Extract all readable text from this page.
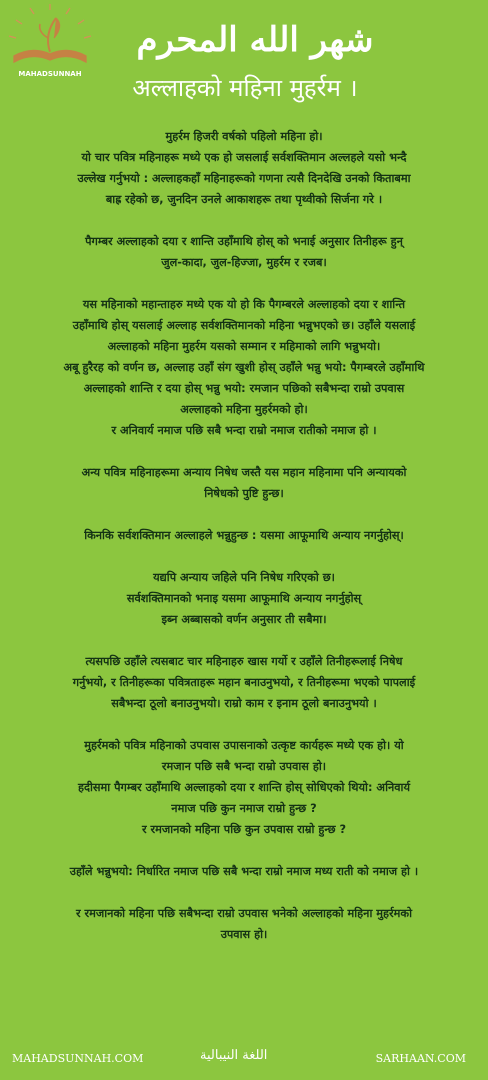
MAHADSUNNAH
شهر الله المحرم
अल्लाहको महिना मुहर्रम ।
मुहर्रम हिजरी वर्षको पहिलो महिना हो।
यो चार पवित्र महिनाहरू मध्ये एक हो जसलाई सर्वशक्तिमान अल्लहले यसो भन्दै
उल्लेख गर्नुभयो : अल्लाहकहाँ महिनाहरूको गणना त्यसै दिनदेखि उनको किताबमा
बाह्र रहेको छ, जुनदिन उनले आकाशहरू तथा पृथ्वीको सिर्जना गरे ।
पैगम्बर अल्लाहको दया र शान्ति उहाँमाथि होस् को भनाई अनुसार तिनीहरू हुन्
जुल-कादा, जुल-हिज्जा, मुहर्रम र रजब।
यस महिनाको महान्ताहरु मध्ये एक यो हो कि पैगम्बरले अल्लाहको दया र शान्ति
उहाँमाथि होस् यसलाई अल्लाह सर्वशक्तिमानको महिना भन्नुभएको छ। उहाँले यसलाई
अल्लाहको महिना मुहर्रम यसको सम्मान र महिमाको लागि भन्नुभयो।
अबू हुरैरह को वर्णन छ, अल्लाह उहाँ संग खुशी होस् उहाँले भन्नु भयो: पैगम्बरले उहाँमाथि
अल्लाहको शान्ति र दया होस् भन्नु भयो: रमजान पछिको सबैभन्दा राम्रो उपवास
अल्लाहको महिना मुहर्रमको हो।
र अनिवार्य नमाज पछि सबै भन्दा राम्रो नमाज रातीको नमाज हो ।
अन्य पवित्र महिनाहरूमा अन्याय निषेध जस्तै यस महान महिनामा पनि अन्यायको
निषेधको पुष्टि हुन्छ।
किनकि सर्वशक्तिमान अल्लाहले भन्नुहुन्छ : यसमा आफूमाथि अन्याय नगर्नुहोस्।
यद्यपि अन्याय जहिले पनि निषेध गरिएको छ।
सर्वशक्तिमानको भनाइ यसमा आफूमाथि अन्याय नगर्नुहोस्
इब्न अब्बासको वर्णन अनुसार ती सबैमा।
त्यसपछि उहाँले त्यसबाट चार महिनाहरु खास गर्यो र उहाँले तिनीहरूलाई निषेध
गर्नुभयो, र तिनीहरूका पवित्रताहरू महान बनाउनुभयो, र तिनीहरूमा भएको पापलाई
सबैभन्दा ठूलो बनाउनुभयो। राम्रो काम र इनाम ठूलो बनाउनुभयो ।
मुहर्रमको पवित्र महिनाको उपवास उपासनाको उत्कृष्ट कार्यहरू मध्ये एक हो। यो
रमजान पछि सबै भन्दा राम्रो उपवास हो।
हदीसमा पैगम्बर उहाँमाथि अल्लाहको दया र शान्ति होस् सोधिएको थियो: अनिवार्य
नमाज पछि कुन नमाज राम्रो हुन्छ ?
र रमजानको महिना पछि कुन उपवास राम्रो हुन्छ ?
उहाँले भन्नुभयो: निर्धारित नमाज पछि सबै भन्दा राम्रो नमाज मध्य राती को नमाज हो ।
र रमजानको महिना पछि सबैभन्दा राम्रो उपवास भनेको अल्लाहको महिना मुहर्रमको
उपवास हो।
MAHADSUNNAH.COM	اللغة النيبالية	SARHAAN.COM
